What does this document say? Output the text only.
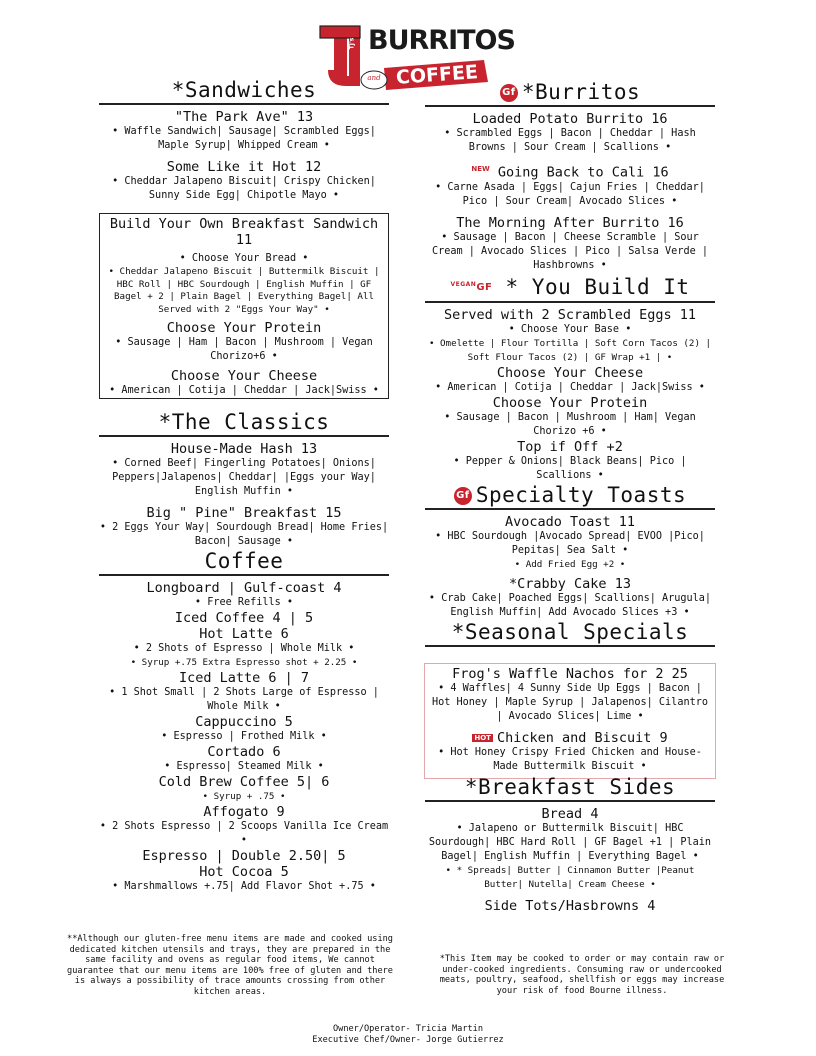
TJ's BURRITOS
and COFFEE
*Sandwiches
"The Park Ave" 13
• Waffle Sandwich| Sausage| Scrambled Eggs| Maple Syrup| Whipped Cream •
Some Like it Hot 12
• Cheddar Jalapeno Biscuit| Crispy Chicken| Sunny Side Egg| Chipotle Mayo •
Build Your Own Breakfast Sandwich 11
• Choose Your Bread •
• Cheddar Jalapeno Biscuit | Buttermilk Biscuit | HBC Roll | HBC Sourdough | English Muffin | GF Bagel + 2 | Plain Bagel | Everything Bagel| All Served with 2 "Eggs Your Way" •
Choose Your Protein
• Sausage | Ham | Bacon | Mushroom | Vegan Chorizo+6 •
Choose Your Cheese
• American | Cotija | Cheddar | Jack|Swiss •
*The Classics
House-Made Hash 13
• Corned Beef| Fingerling Potatoes| Onions| Peppers|Jalapenos| Cheddar| |Eggs your Way| English Muffin •
Big " Pine" Breakfast 15
• 2 Eggs Your Way| Sourdough Bread| Home Fries| Bacon| Sausage •
Coffee
Longboard | Gulf-coast 4
• Free Refills •
Iced Coffee 4 | 5
Hot Latte 6
• 2 Shots of Espresso | Whole Milk •
• Syrup +.75 Extra Espresso shot + 2.25 •
Iced Latte 6 | 7
• 1 Shot Small | 2 Shots Large of Espresso | Whole Milk •
Cappuccino 5
• Espresso | Frothed Milk •
Cortado 6
• Espresso| Steamed Milk •
Cold Brew Coffee 5| 6
• Syrup + .75 •
Affogato 9
• 2 Shots Espresso | 2 Scoops Vanilla Ice Cream •
Espresso | Double 2.50| 5
Hot Cocoa 5
• Marshmallows +.75| Add Flavor Shot +.75 •
Gf *Burritos
Loaded Potato Burrito 16
• Scrambled Eggs | Bacon | Cheddar | Hash Browns | Sour Cream | Scallions •
$^{NEW}$ Going Back to Cali 16
• Carne Asada | Eggs| Cajun Fries | Cheddar| Pico | Sour Cream| Avocado Slices •
The Morning After Burrito 16
• Sausage | Bacon | Cheese Scramble | Sour Cream | Avocado Slices | Pico | Salsa Verde | Hashbrowns •
$^{VEGAN}$GF * You Build It
Served with 2 Scrambled Eggs 11
• Choose Your Base •
• Omelette | Flour Tortilla | Soft Corn Tacos (2) | Soft Flour Tacos (2) | GF Wrap +1 | •
Choose Your Cheese
• American | Cotija | Cheddar | Jack|Swiss •
Choose Your Protein
• Sausage | Bacon | Mushroom | Ham| Vegan Chorizo +6 •
Top if Off +2
• Pepper & Onions| Black Beans| Pico | Scallions •
Gf Specialty Toasts
Avocado Toast 11
• HBC Sourdough |Avocado Spread| EVOO |Pico| Pepitas| Sea Salt •
• Add Fried Egg +2 •
*Crabby Cake 13
• Crab Cake| Poached Eggs| Scallions| Arugula| English Muffin| Add Avocado Slices +3 •
*Seasonal Specials
Frog's Waffle Nachos for 2 25
• 4 Waffles| 4 Sunny Side Up Eggs | Bacon | Hot Honey | Maple Syrup | Jalapenos| Cilantro | Avocado Slices| Lime •
HOT Chicken and Biscuit 9
• Hot Honey Crispy Fried Chicken and House-Made Buttermilk Biscuit •
*Breakfast Sides
Bread 4
• Jalapeno or Buttermilk Biscuit| HBC Sourdough| HBC Hard Roll | GF Bagel +1 | Plain Bagel| English Muffin | Everything Bagel •
• * Spreads| Butter | Cinnamon Butter |Peanut Butter| Nutella| Cream Cheese •
Side Tots/Hasbrowns 4
**Although our gluten-free menu items are made and cooked using dedicated kitchen utensils and trays, they are prepared in the same facility and ovens as regular food items, We cannot guarantee that our menu items are 100% free of gluten and there is always a possibility of trace amounts crossing from other kitchen areas.
*This Item may be cooked to order or may contain raw or under-cooked ingredients. Consuming raw or undercooked meats, poultry, seafood, shellfish or eggs may increase your risk of food Bourne illness.
Owner/Operator- Tricia Martin
Executive Chef/Owner- Jorge Gutierrez
